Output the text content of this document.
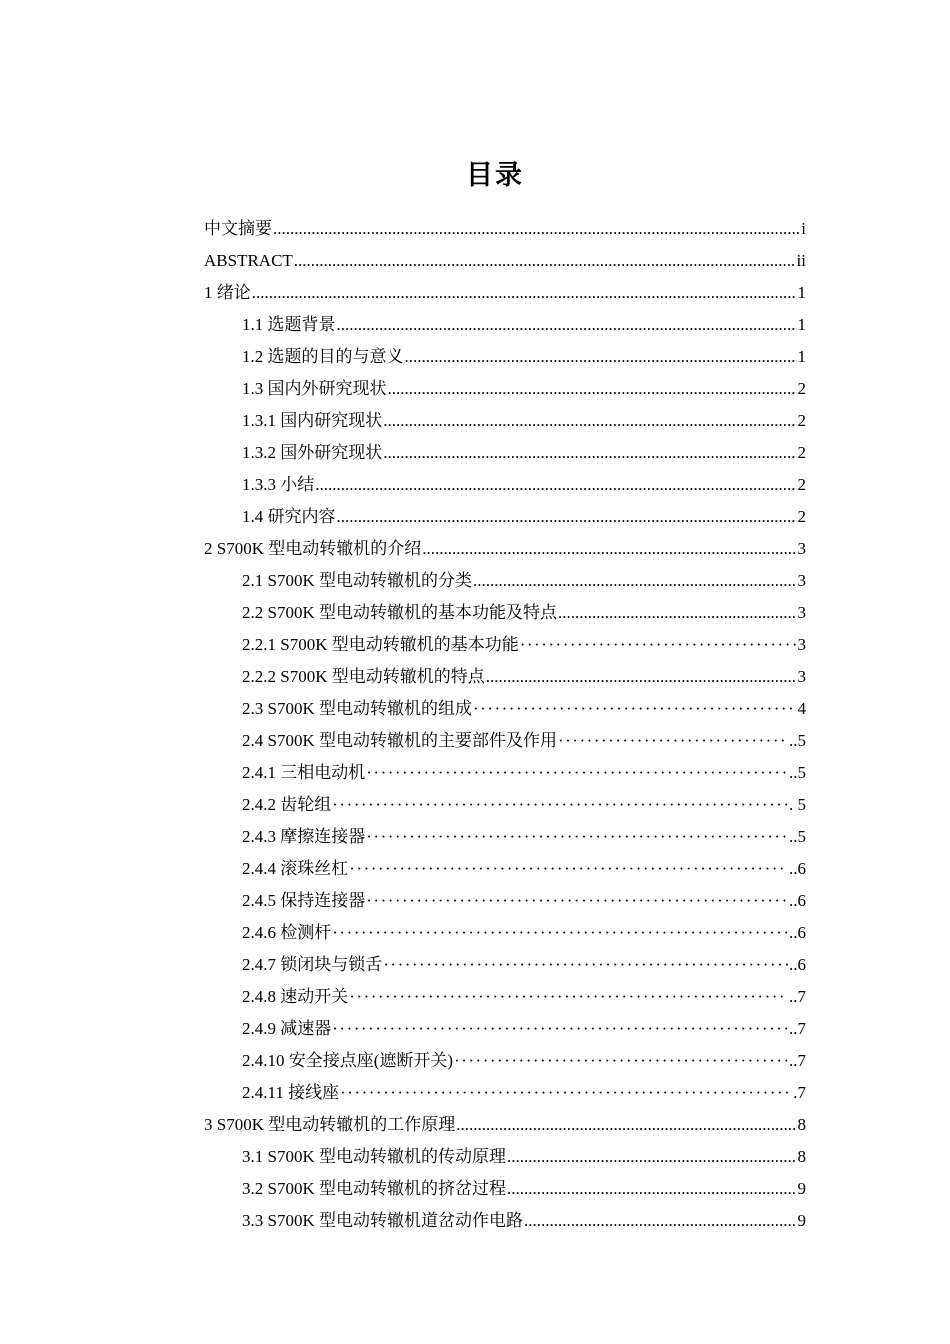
目录
中文摘要 .....	i
ABSTRACT .....	ii
1 绪论 .....	1
1.1 选题背景 .....	1
1.2 选题的目的与意义 .....	1
1.3 国内外研究现状 .....	2
1.3.1 国内研究现状 .....	2
1.3.2 国外研究现状 .....	2
1.3.3 小结 .....	2
1.4 研究内容 .....	2
2 S700K 型电动转辙机的介绍 .....	3
2.1 S700K 型电动转辙机的分类 .....	3
2.2 S700K 型电动转辙机的基本功能及特点 .....	3
2.2.1 S700K 型电动转辙机的基本功能 ·····	3
2.2.2 S700K 型电动转辙机的特点 .....	3
2.3 S700K 型电动转辙机的组成 ·····	4
2.4 S700K 型电动转辙机的主要部件及作用 ·····	..5
2.4.1 三相电动机 ·····	..5
2.4.2 齿轮组 ·····	. 5
2.4.3 摩擦连接器 ·····	..5
2.4.4 滚珠丝杠 ·····	..6
2.4.5 保持连接器 ·····	..6
2.4.6 检测杆 ·····	..6
2.4.7 锁闭块与锁舌 ·····	..6
2.4.8 速动开关 ·····	..7
2.4.9 减速器 ·····	..7
2.4.10 安全接点座(遮断开关) ·····	..7
2.4.11 接线座 ·····	.7
3 S700K 型电动转辙机的工作原理 .....	8
3.1 S700K 型电动转辙机的传动原理 .....	8
3.2 S700K 型电动转辙机的挤岔过程 .....	9
3.3 S700K 型电动转辙机道岔动作电路 .....	9
